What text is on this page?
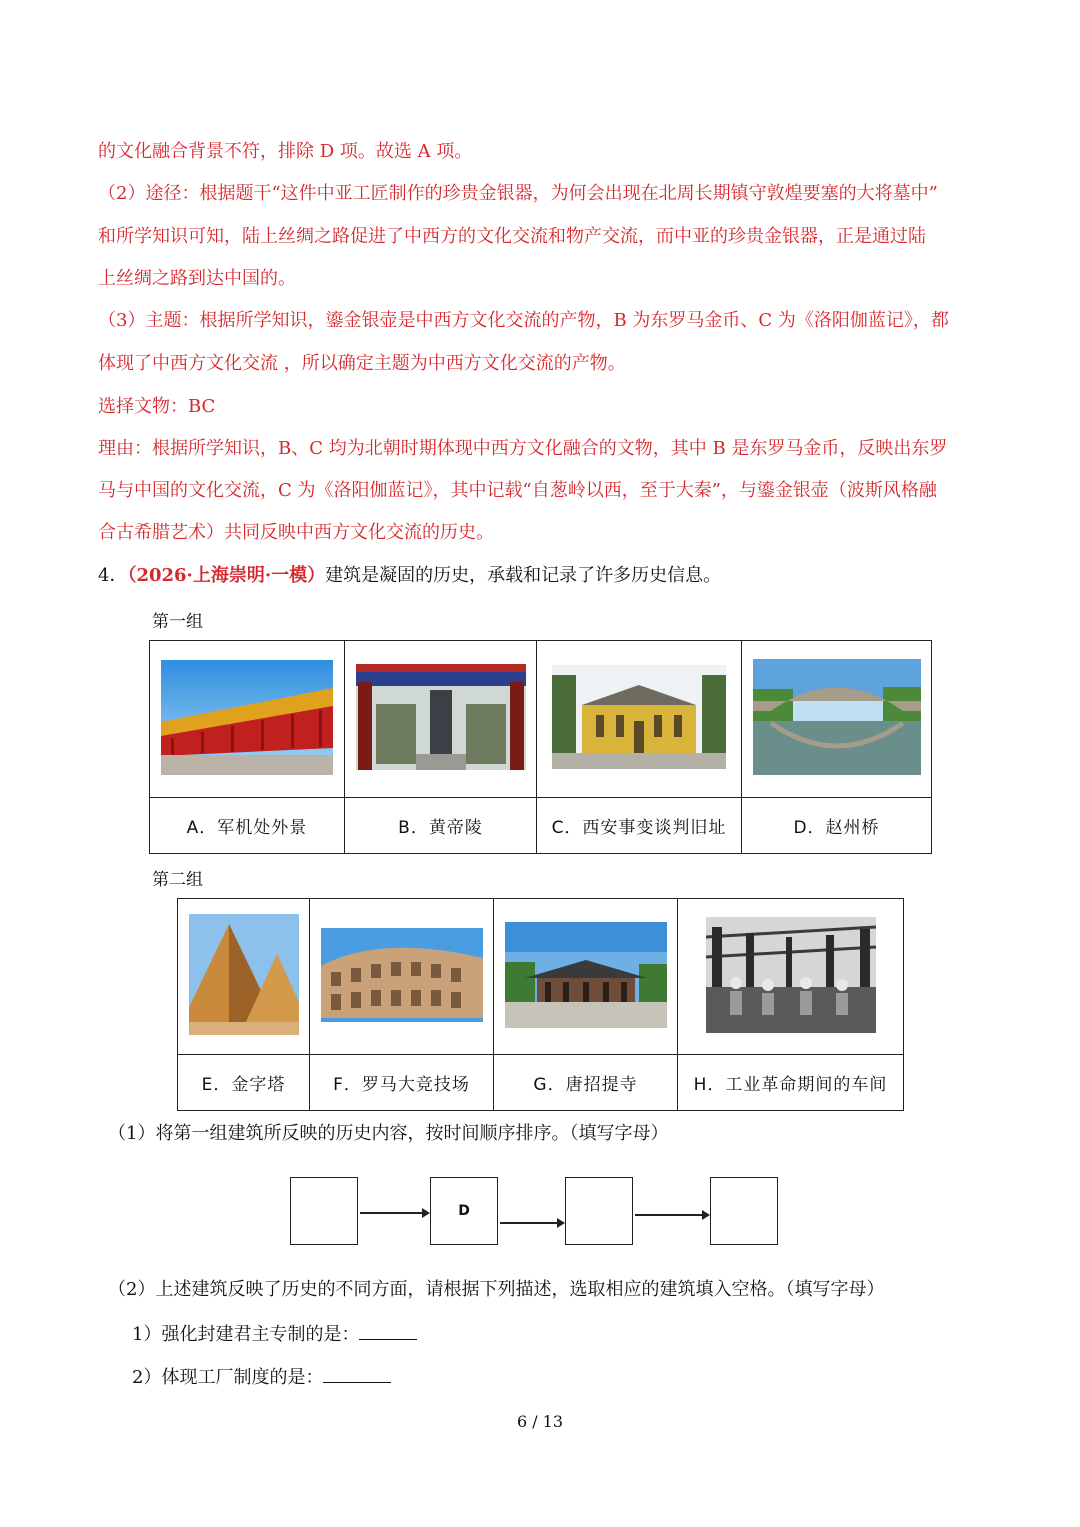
的文化融合背景不符，排除 D 项。故选 A 项。
（2）途径：根据题干“这件中亚工匠制作的珍贵金银器，为何会出现在北周长期镇守敦煌要塞的大将墓中”
和所学知识可知，陆上丝绸之路促进了中西方的文化交流和物产交流，而中亚的珍贵金银器，正是通过陆
上丝绸之路到达中国的。
（3）主题：根据所学知识，鎏金银壶是中西方文化交流的产物，B 为东罗马金币、C 为《洛阳伽蓝记》，都
体现了中西方文化交流 ，所以确定主题为中西方文化交流的产物。
选择文物：BC
理由：根据所学知识，B、C 均为北朝时期体现中西方文化融合的文物，其中 B 是东罗马金币，反映出东罗
马与中国的文化交流，C 为《洛阳伽蓝记》，其中记载“自葱岭以西，至于大秦”，与鎏金银壶（波斯风格融
合古希腊艺术）共同反映中西方文化交流的历史。
4．（2026·上海崇明·一模）建筑是凝固的历史，承载和记录了许多历史信息。
第一组

A．军机处外景	B．黄帝陵	C．西安事变谈判旧址	D．赵州桥
第二组

E．金字塔	F．罗马大竞技场	G．唐招提寺	H．工业革命期间的车间
（1）将第一组建筑所反映的历史内容，按时间顺序排序。（填写字母）
D
（2）上述建筑反映了历史的不同方面，请根据下列描述，选取相应的建筑填入空格。（填写字母）
1）强化封建君主专制的是：
2）体现工厂制度的是：
6 / 13
